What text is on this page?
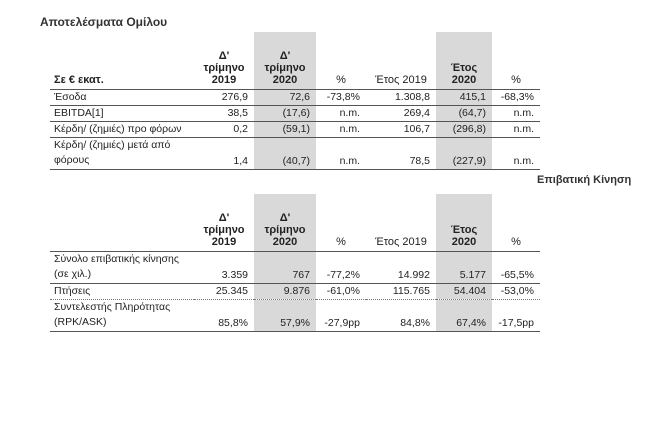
Αποτελέσματα Ομίλου
Επιβατική Κίνηση
Σε € εκατ.	Δ' τρίμηνο 2019	Δ' τρίμηνο 2020	%	Έτος 2019	Έτος 2020	%
Έσοδα	276,9	72,6	-73,8%	1.308,8	415,1	-68,3%
EBITDA[1]	38,5	(17,6)	n.m.	269,4	(64,7)	n.m.
Κέρδη/ (ζημιές) προ φόρων	0,2	(59,1)	n.m.	106,7	(296,8)	n.m.
Κέρδη/ (ζημιές) μετά από φόρους	1,4	(40,7)	n.m.	78,5	(227,9)	n.m.

	Δ' τρίμηνο 2019	Δ' τρίμηνο 2020	%	Έτος 2019	Έτος 2020	%
Σύνολο επιβατικής κίνησης (σε χιλ.)	3.359	767	-77,2%	14.992	5.177	-65,5%
Πτήσεις	25.345	9.876	-61,0%	115.765	54.404	-53,0%
Συντελεστής Πληρότητας (RPK/ASK)	85,8%	57,9%	-27,9pp	84,8%	67,4%	-17,5pp
